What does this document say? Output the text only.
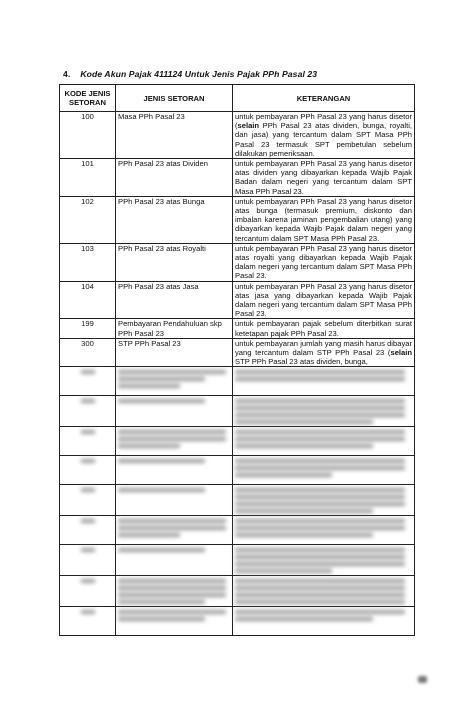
4. Kode Akun Pajak 411124 Untuk Jenis Pajak PPh Pasal 23
KODE JENIS SETORAN	JENIS SETORAN	KETERANGAN
100	Masa PPh Pasal 23	untuk pembayaran PPh Pasal 23 yang harus disetor (selain PPh Pasal 23 atas dividen, bunga, royalti, dan jasa) yang tercantum dalam SPT Masa PPh Pasal 23 termasuk SPT pembetulan sebelum dilakukan pemeriksaan.
101	PPh Pasal 23 atas Dividen	untuk pembayaran PPh Pasal 23 yang harus disetor atas dividen yang dibayarkan kepada Wajib Pajak Badan dalam negeri yang tercantum dalam SPT Masa PPh Pasal 23.
102	PPh Pasal 23 atas Bunga	untuk pembayaran PPh Pasal 23 yang harus disetor atas bunga (termasuk premium, diskonto dan imbalan karena jaminan pengembalian utang) yang dibayarkan kepada Wajib Pajak dalam negeri yang tercantum dalam SPT Masa PPh Pasal 23.
103	PPh Pasal 23 atas Royalti	untuk pembayaran PPh Pasal 23 yang harus disetor atas royalti yang dibayarkan kepada Wajib Pajak dalam negeri yang tercantum dalam SPT Masa PPh Pasal 23.
104	PPh Pasal 23 atas Jasa	untuk pembayaran PPh Pasal 23 yang harus disetor atas jasa yang dibayarkan kepada Wajib Pajak dalam negeri yang tercantum dalam SPT Masa PPh Pasal 23.
199	Pembayaran Pendahuluan skp PPh Pasal 23	untuk pembayaran pajak sebelum diterbitkan surat ketetapan pajak PPh Pasal 23.
300	STP PPh Pasal 23	untuk pembayaran jumlah yang masih harus dibayar yang tercantum dalam STP PPh Pasal 23 (selain STP PPh Pasal 23 atas dividen, bunga,
